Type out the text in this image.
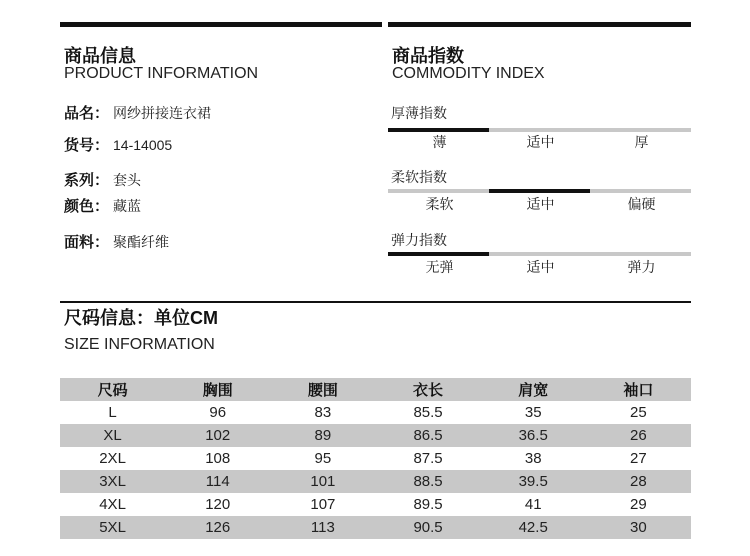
商品信息
PRODUCT INFORMATION
品名： 网纱拼接连衣裙
货号： 14-14005
系列： 套头
颜色： 藏蓝
面料： 聚酯纤维
商品指数
COMMODITY INDEX
厚薄指数
薄	适中	厚
柔软指数
柔软	适中	偏硬
弹力指数
无弹	适中	弹力
尺码信息：单位CM
SIZE INFORMATION
尺码	胸围	腰围	衣长	肩宽	袖口
L	96	83	85.5	35	25
XL	102	89	86.5	36.5	26
2XL	108	95	87.5	38	27
3XL	114	101	88.5	39.5	28
4XL	120	107	89.5	41	29
5XL	126	113	90.5	42.5	30
